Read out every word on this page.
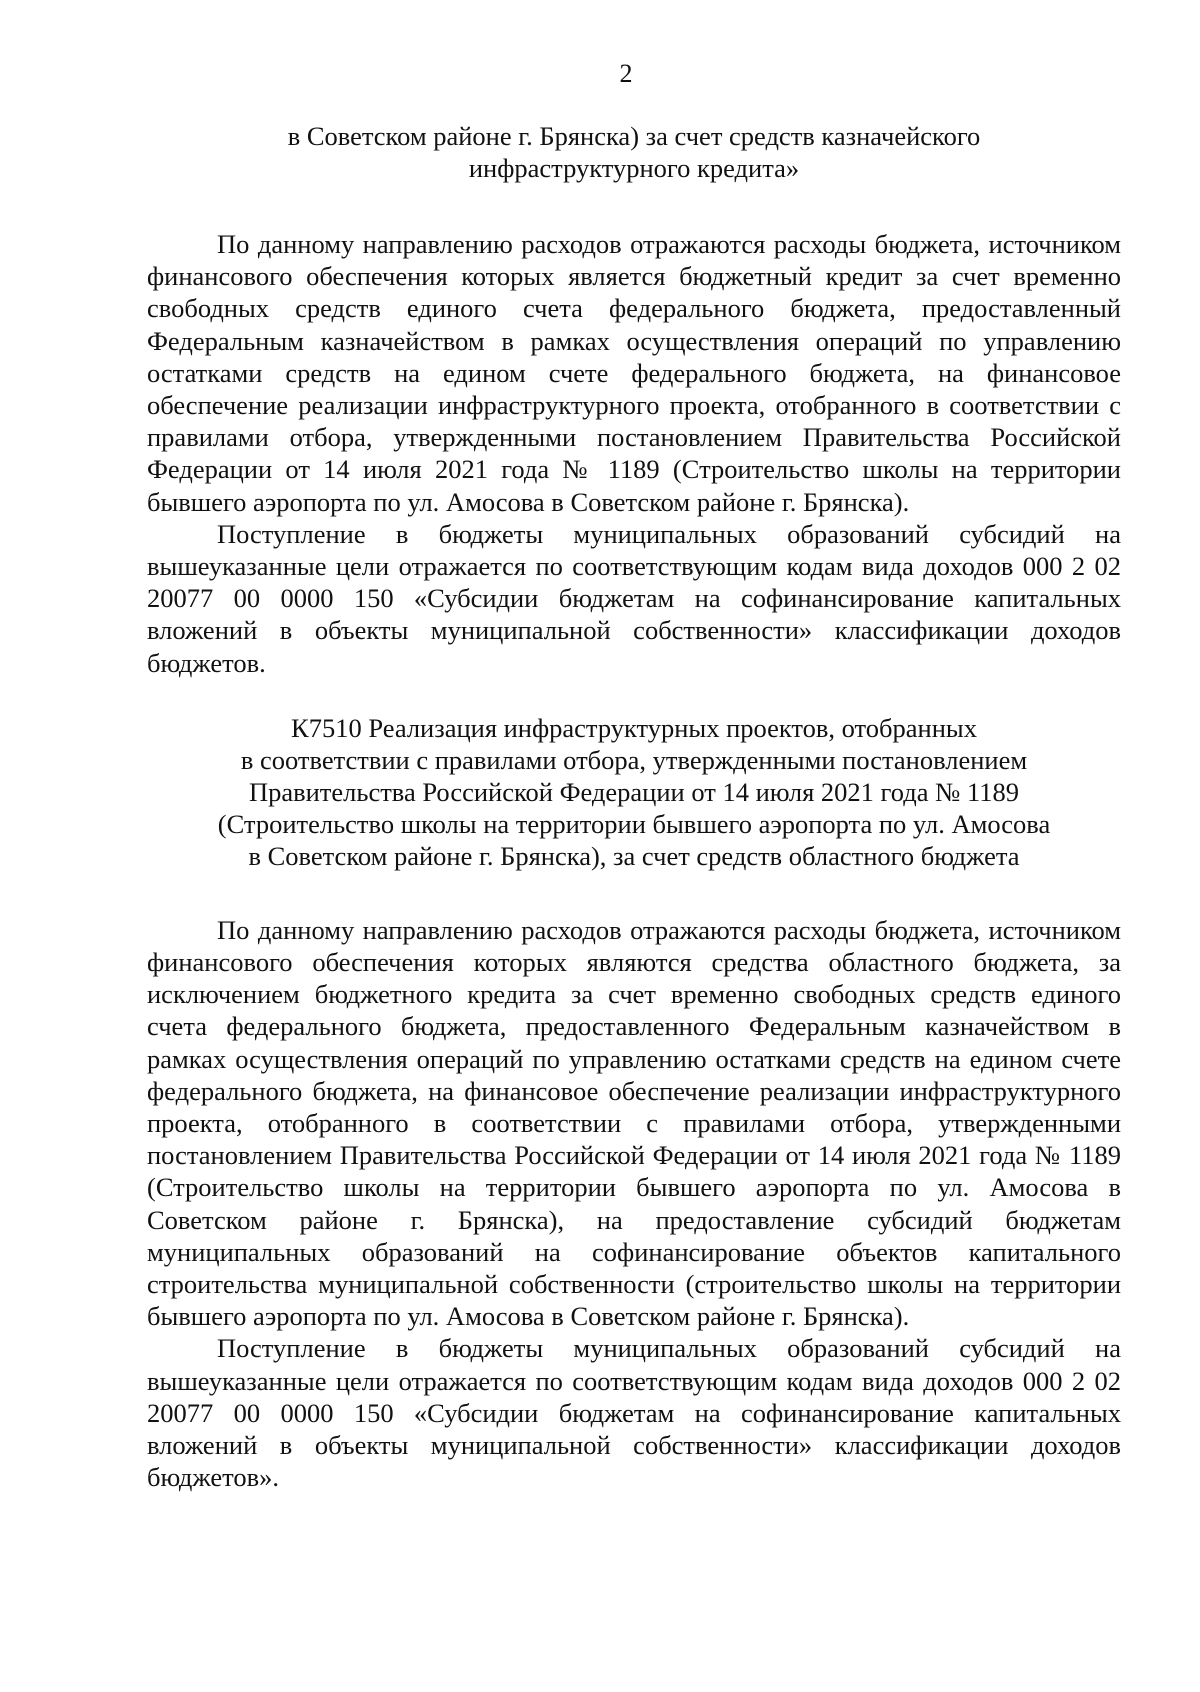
2

в Советском районе г. Брянска) за счет средств казначейского
инфраструктурного кредита»

По данному направлению расходов отражаются расходы бюджета, источником финансового обеспечения которых является бюджетный кредит за счет временно свободных средств единого счета федерального бюджета, предоставленный Федеральным казначейством в рамках осуществления операций по управлению остатками средств на едином счете федерального бюджета, на финансовое обеспечение реализации инфраструктурного проекта, отобранного в соответствии с правилами отбора, утвержденными постановлением Правительства Российской Федерации от 14 июля 2021 года № 1189 (Строительство школы на территории бывшего аэропорта по ул. Амосова в Советском районе г. Брянска).

Поступление в бюджеты муниципальных образований субсидий на вышеуказанные цели отражается по соответствующим кодам вида доходов 000 2 02 20077 00 0000 150 «Субсидии бюджетам на софинансирование капитальных вложений в объекты муниципальной собственности» классификации доходов бюджетов.

К7510 Реализация инфраструктурных проектов, отобранных
в соответствии с правилами отбора, утвержденными постановлением
Правительства Российской Федерации от 14 июля 2021 года № 1189
(Строительство школы на территории бывшего аэропорта по ул. Амосова
в Советском районе г. Брянска), за счет средств областного бюджета

По данному направлению расходов отражаются расходы бюджета, источником финансового обеспечения которых являются средства областного бюджета, за исключением бюджетного кредита за счет временно свободных средств единого счета федерального бюджета, предоставленного Федеральным казначейством в рамках осуществления операций по управлению остатками средств на едином счете федерального бюджета, на финансовое обеспечение реализации инфраструктурного проекта, отобранного в соответствии с правилами отбора, утвержденными постановлением Правительства Российской Федерации от 14 июля 2021 года № 1189 (Строительство школы на территории бывшего аэропорта по ул. Амосова в Советском районе г. Брянска), на предоставление субсидий бюджетам муниципальных образований на софинансирование объектов капитального строительства муниципальной собственности (строительство школы на территории бывшего аэропорта по ул. Амосова в Советском районе г. Брянска).

Поступление в бюджеты муниципальных образований субсидий на вышеуказанные цели отражается по соответствующим кодам вида доходов 000 2 02 20077 00 0000 150 «Субсидии бюджетам на софинансирование капитальных вложений в объекты муниципальной собственности» классификации доходов бюджетов».
